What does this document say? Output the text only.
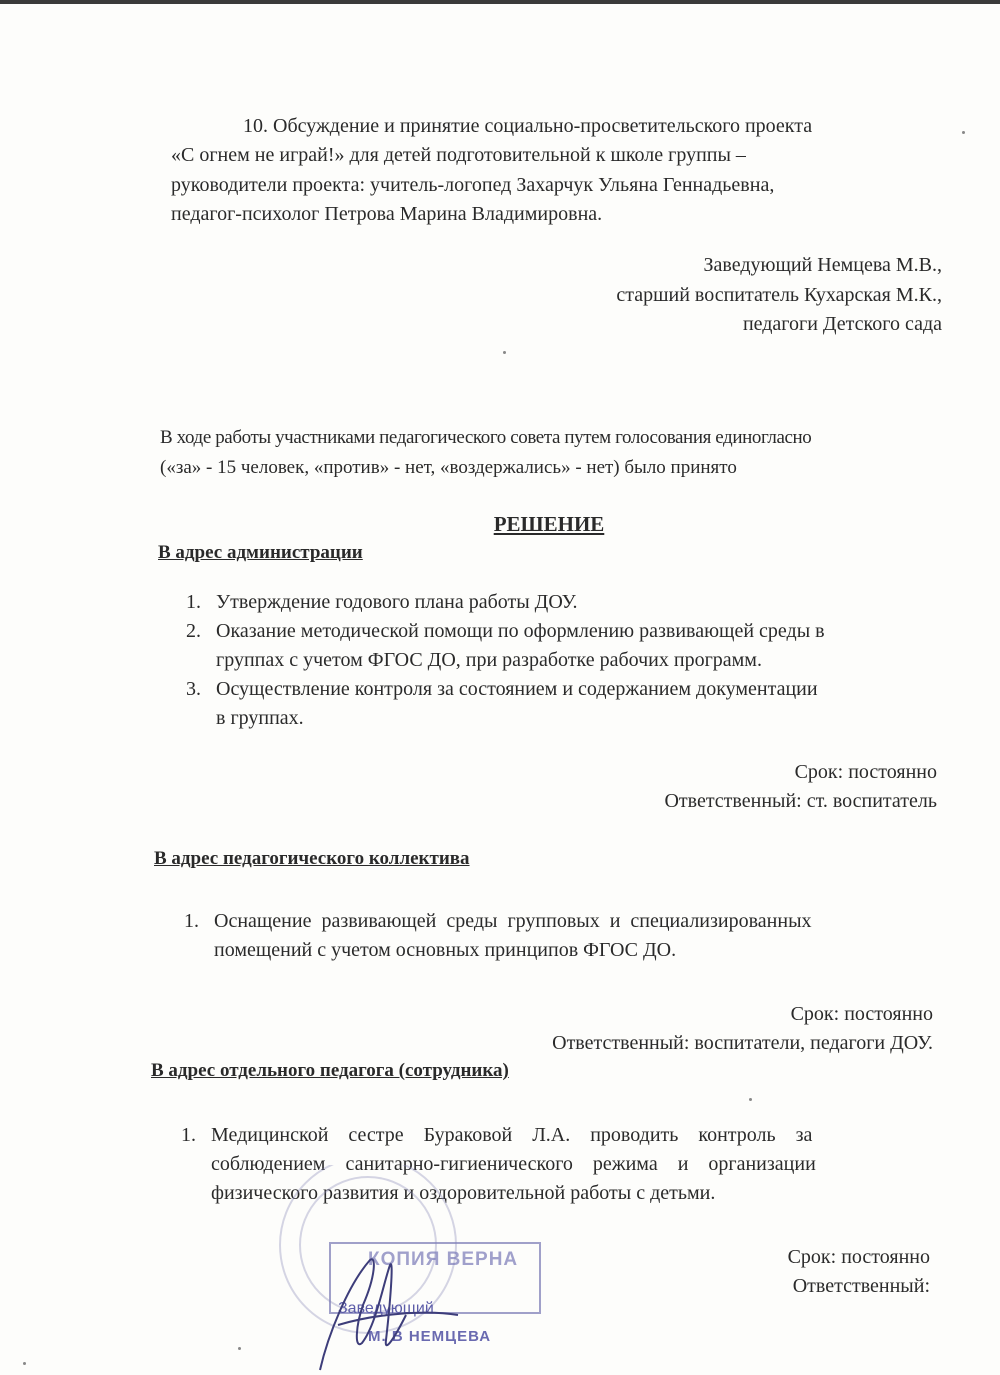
10. Обсуждение и принятие социально-просветительского проекта
«С огнем не играй!» для детей подготовительной к школе группы –
руководители проекта: учитель-логопед Захарчук Ульяна Геннадьевна,
педагог-психолог Петрова Марина Владимировна.
Заведующий Немцева М.В.,
старший воспитатель Кухарская М.К.,
педагоги Детского сада
В ходе работы участниками педагогического совета путем голосования единогласно
(«за» - 15 человек, «против» - нет, «воздержались» - нет) было принято
РЕШЕНИЕ
В адрес администрации
1. Утверждение годового плана работы ДОУ.
2. Оказание методической помощи по оформлению развивающей среды в
группах с учетом ФГОС ДО, при разработке рабочих программ.
3. Осуществление контроля за состоянием и содержанием документации
в группах.
Срок: постоянно
Ответственный: ст. воспитатель
В адрес педагогического коллектива
1. Оснащение  развивающей  среды  групповых  и  специализированных
помещений с учетом основных принципов ФГОС ДО.
Срок: постоянно
Ответственный: воспитатели, педагоги ДОУ.
В адрес отдельного педагога (сотрудника)
1. Медицинской    сестре    Бураковой    Л.А.    проводить    контроль    за
соблюдением    санитарно-гигиенического    режима    и    организации
физического развития и оздоровительной работы с детьми.
Срок: постоянно
Ответственный:
КОПИЯ ВЕРНА
Заведующий
М. В НЕМЦЕВА
